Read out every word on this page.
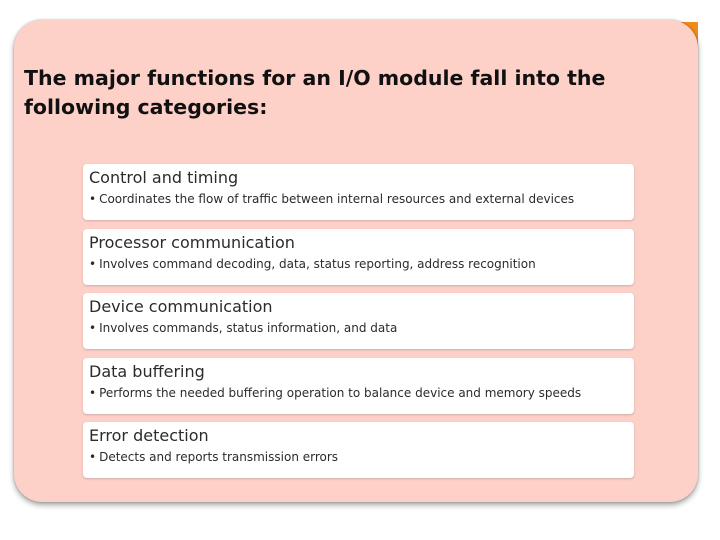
The major functions for an I/O module fall into the following categories:
Control and timing
• Coordinates the flow of traffic between internal resources and external devices
Processor communication
• Involves command decoding, data, status reporting, address recognition
Device communication
• Involves commands, status information, and data
Data buffering
• Performs the needed buffering operation to balance device and memory speeds
Error detection
• Detects and reports transmission errors
